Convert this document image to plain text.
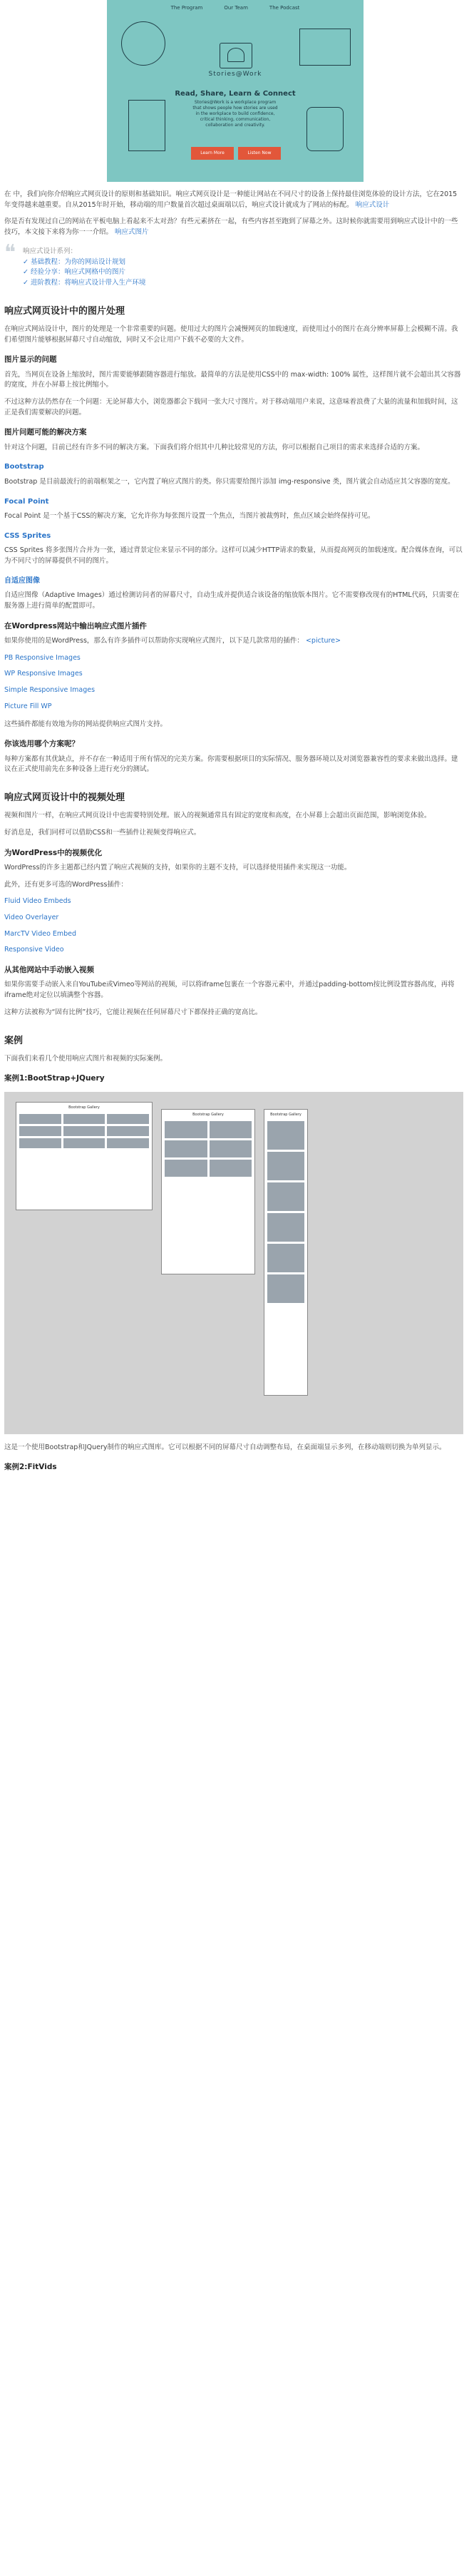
The Program	Our Team	The Podcast
Stories@Work
Read, Share, Learn & Connect
Stories@Work is a workplace program that shows people how stories are used in the workplace to build confidence, critical thinking, communication, collaboration and creativity.
Learn More	Listen Now

在 中，我们向你介绍响应式网页设计的原则和基础知识。响应式网页设计是一种能让网站在不同尺寸的设备上保持最佳浏览体验的设计方法，它在2015年变得越来越重要。自从2015年时开始，移动端的用户数量首次超过桌面端以后，响应式设计就成为了网站的标配。 响应式设计

你是否有发现过自己的网站在平板电脑上看起来不太对劲？有些元素挤在一起，有些内容甚至跑到了屏幕之外。这时候你就需要用到响应式设计中的一些技巧，本文接下来将为你一一介绍。 响应式图片

❝ 响应式设计系列：
✓ 基础教程：为你的网站设计规划
✓ 经验分享：响应式网格中的图片
✓ 进阶教程：将响应式设计带入生产环境
响应式网页设计中的图片处理

在响应式网站设计中，图片的处理是一个非常重要的问题。使用过大的图片会减慢网页的加载速度，而使用过小的图片在高分辨率屏幕上会模糊不清。我们希望图片能够根据屏幕尺寸自动缩放，同时又不会让用户下载不必要的大文件。

图片显示的问题

首先，当网页在设备上缩放时，图片需要能够跟随容器进行缩放。最简单的方法是使用CSS中的 max-width: 100% 属性，这样图片就不会超出其父容器的宽度，并在小屏幕上按比例缩小。

不过这种方法仍然存在一个问题：无论屏幕大小，浏览器都会下载同一张大尺寸图片。对于移动端用户来说，这意味着浪费了大量的流量和加载时间，这正是我们需要解决的问题。

图片问题可能的解决方案

针对这个问题，目前已经有许多不同的解决方案。下面我们将介绍其中几种比较常见的方法，你可以根据自己项目的需求来选择合适的方案。

Bootstrap

Bootstrap 是目前最流行的前端框架之一，它内置了响应式图片的类。你只需要给图片添加 img-responsive 类，图片就会自动适应其父容器的宽度。

Focal Point

Focal Point 是一个基于CSS的解决方案，它允许你为每张图片设置一个焦点，当图片被裁剪时，焦点区域会始终保持可见。

CSS Sprites

CSS Sprites 将多张图片合并为一张，通过背景定位来显示不同的部分。这样可以减少HTTP请求的数量，从而提高网页的加载速度。配合媒体查询，可以为不同尺寸的屏幕提供不同的图片。

自适应图像

自适应图像（Adaptive Images）通过检测访问者的屏幕尺寸，自动生成并提供适合该设备的缩放版本图片。它不需要修改现有的HTML代码，只需要在服务器上进行简单的配置即可。

在Wordpress网站中输出响应式图片插件

如果你使用的是WordPress，那么有许多插件可以帮助你实现响应式图片，以下是几款常用的插件： <picture>

PB Responsive Images
WP Responsive Images
Simple Responsive Images
Picture Fill WP

这些插件都能有效地为你的网站提供响应式图片支持。

你该选用哪个方案呢？

每种方案都有其优缺点，并不存在一种适用于所有情况的完美方案。你需要根据项目的实际情况、服务器环境以及对浏览器兼容性的要求来做出选择。建议在正式使用前先在多种设备上进行充分的测试。

响应式网页设计中的视频处理

视频和图片一样，在响应式网页设计中也需要特别处理。嵌入的视频通常具有固定的宽度和高度，在小屏幕上会超出页面范围，影响浏览体验。

好消息是，我们同样可以借助CSS和一些插件让视频变得响应式。

为WordPress中的视频优化

WordPress的许多主题都已经内置了响应式视频的支持，如果你的主题不支持，可以选择使用插件来实现这一功能。

此外，还有更多可选的WordPress插件：

Fluid Video Embeds
Video Overlayer
MarcTV Video Embed
Responsive Video
从其他网站中手动嵌入视频

如果你需要手动嵌入来自YouTube或Vimeo等网站的视频，可以将iframe包裹在一个容器元素中，并通过padding-bottom按比例设置容器高度，再将iframe绝对定位以填满整个容器。

这种方法被称为“固有比例”技巧，它能让视频在任何屏幕尺寸下都保持正确的宽高比。

案例

下面我们来看几个使用响应式图片和视频的实际案例。

案例1:BootStrap+JQuery
Bootstrap Gallery
Bootstrap Gallery	Bootstrap Gallery

这是一个使用Bootstrap和JQuery制作的响应式图库。它可以根据不同的屏幕尺寸自动调整布局，在桌面端显示多列，在移动端则切换为单列显示。

案例2:FitVids
